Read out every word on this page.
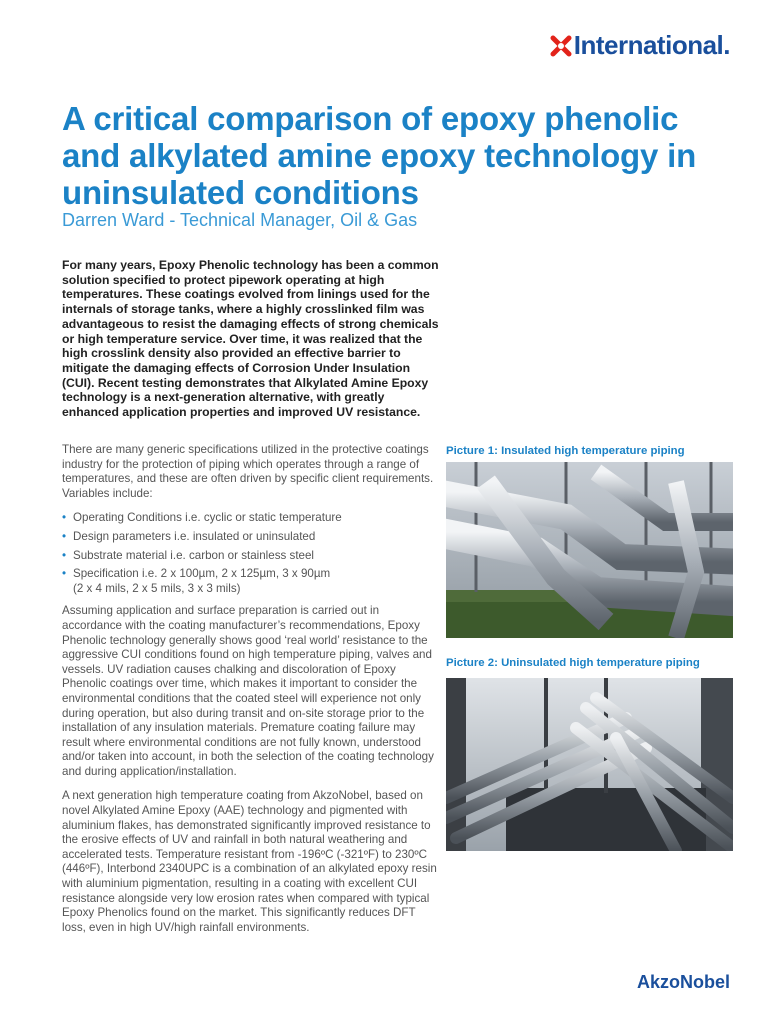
International.
A critical comparison of epoxy phenolic and alkylated amine epoxy technology in uninsulated conditions
Darren Ward - Technical Manager, Oil & Gas
For many years, Epoxy Phenolic technology has been a common solution specified to protect pipework operating at high temperatures. These coatings evolved from linings used for the internals of storage tanks, where a highly crosslinked film was advantageous to resist the damaging effects of strong chemicals or high temperature service. Over time, it was realized that the high crosslink density also provided an effective barrier to mitigate the damaging effects of Corrosion Under Insulation (CUI). Recent testing demonstrates that Alkylated Amine Epoxy technology is a next-generation alternative, with greatly enhanced application properties and improved UV resistance.

There are many generic specifications utilized in the protective coatings industry for the protection of piping which operates through a range of temperatures, and these are often driven by specific client requirements. Variables include:

• Operating Conditions i.e. cyclic or static temperature
• Design parameters i.e. insulated or uninsulated
• Substrate material i.e. carbon or stainless steel
• Specification i.e. 2 x 100µm, 2 x 125µm, 3 x 90µm
(2 x 4 mils, 2 x 5 mils, 3 x 3 mils)

Assuming application and surface preparation is carried out in accordance with the coating manufacturer’s recommendations, Epoxy Phenolic technology generally shows good ‘real world’ resistance to the aggressive CUI conditions found on high temperature piping, valves and vessels. UV radiation causes chalking and discoloration of Epoxy Phenolic coatings over time, which makes it important to consider the environmental conditions that the coated steel will experience not only during operation, but also during transit and on-site storage prior to the installation of any insulation materials. Premature coating failure may result where environmental conditions are not fully known, understood and/or taken into account, in both the selection of the coating technology and during application/installation.

A next generation high temperature coating from AkzoNobel, based on novel Alkylated Amine Epoxy (AAE) technology and pigmented with aluminium flakes, has demonstrated significantly improved resistance to the erosive effects of UV and rainfall in both natural weathering and accelerated tests. Temperature resistant from -196ºC (-321ºF) to 230ºC (446ºF), Interbond 2340UPC is a combination of an alkylated epoxy resin with aluminium pigmentation, resulting in a coating with excellent CUI resistance alongside very low erosion rates when compared with typical Epoxy Phenolics found on the market. This significantly reduces DFT loss, even in high UV/high rainfall environments.

Picture 1: Insulated high temperature piping
Picture 2: Uninsulated high temperature piping
AkzoNobel
